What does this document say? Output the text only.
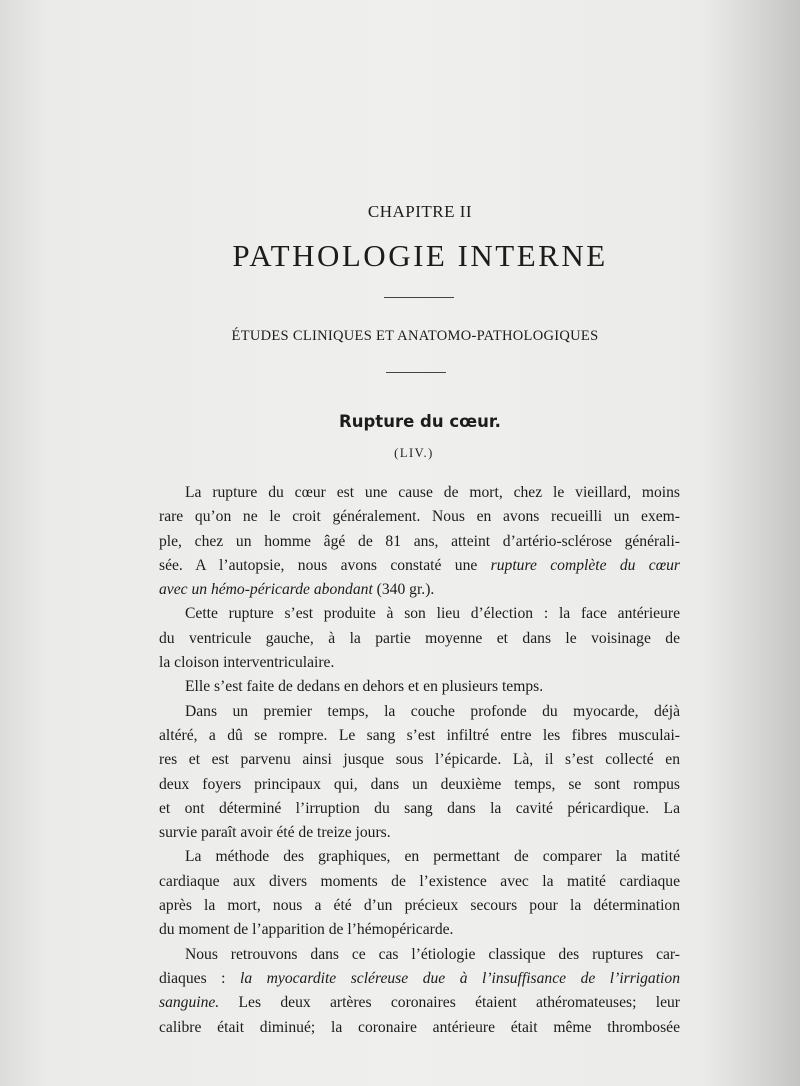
CHAPITRE II
PATHOLOGIE INTERNE
ÉTUDES CLINIQUES ET ANATOMO-PATHOLOGIQUES
Rupture du cœur.
(LIV.)
La rupture du cœur est une cause de mort, chez le vieillard, moins
rare qu’on ne le croit généralement. Nous en avons recueilli un exem-
ple, chez un homme âgé de 81 ans, atteint d’artério-sclérose générali-
sée. A l’autopsie, nous avons constaté une rupture complète du cœur
avec un hémo-péricarde abondant (340 gr.).
Cette rupture s’est produite à son lieu d’élection : la face antérieure
du ventricule gauche, à la partie moyenne et dans le voisinage de
la cloison interventriculaire.
Elle s’est faite de dedans en dehors et en plusieurs temps.
Dans un premier temps, la couche profonde du myocarde, déjà
altéré, a dû se rompre. Le sang s’est infiltré entre les fibres musculai-
res et est parvenu ainsi jusque sous l’épicarde. Là, il s’est collecté en
deux foyers principaux qui, dans un deuxième temps, se sont rompus
et ont déterminé l’irruption du sang dans la cavité péricardique. La
survie paraît avoir été de treize jours.
La méthode des graphiques, en permettant de comparer la matité
cardiaque aux divers moments de l’existence avec la matité cardiaque
après la mort, nous a été d’un précieux secours pour la détermination
du moment de l’apparition de l’hémopéricarde.
Nous retrouvons dans ce cas l’étiologie classique des ruptures car-
diaques : la myocardite scléreuse due à l’insuffisance de l’irrigation
sanguine. Les deux artères coronaires étaient athéromateuses; leur
calibre était diminué; la coronaire antérieure était même thrombosée
